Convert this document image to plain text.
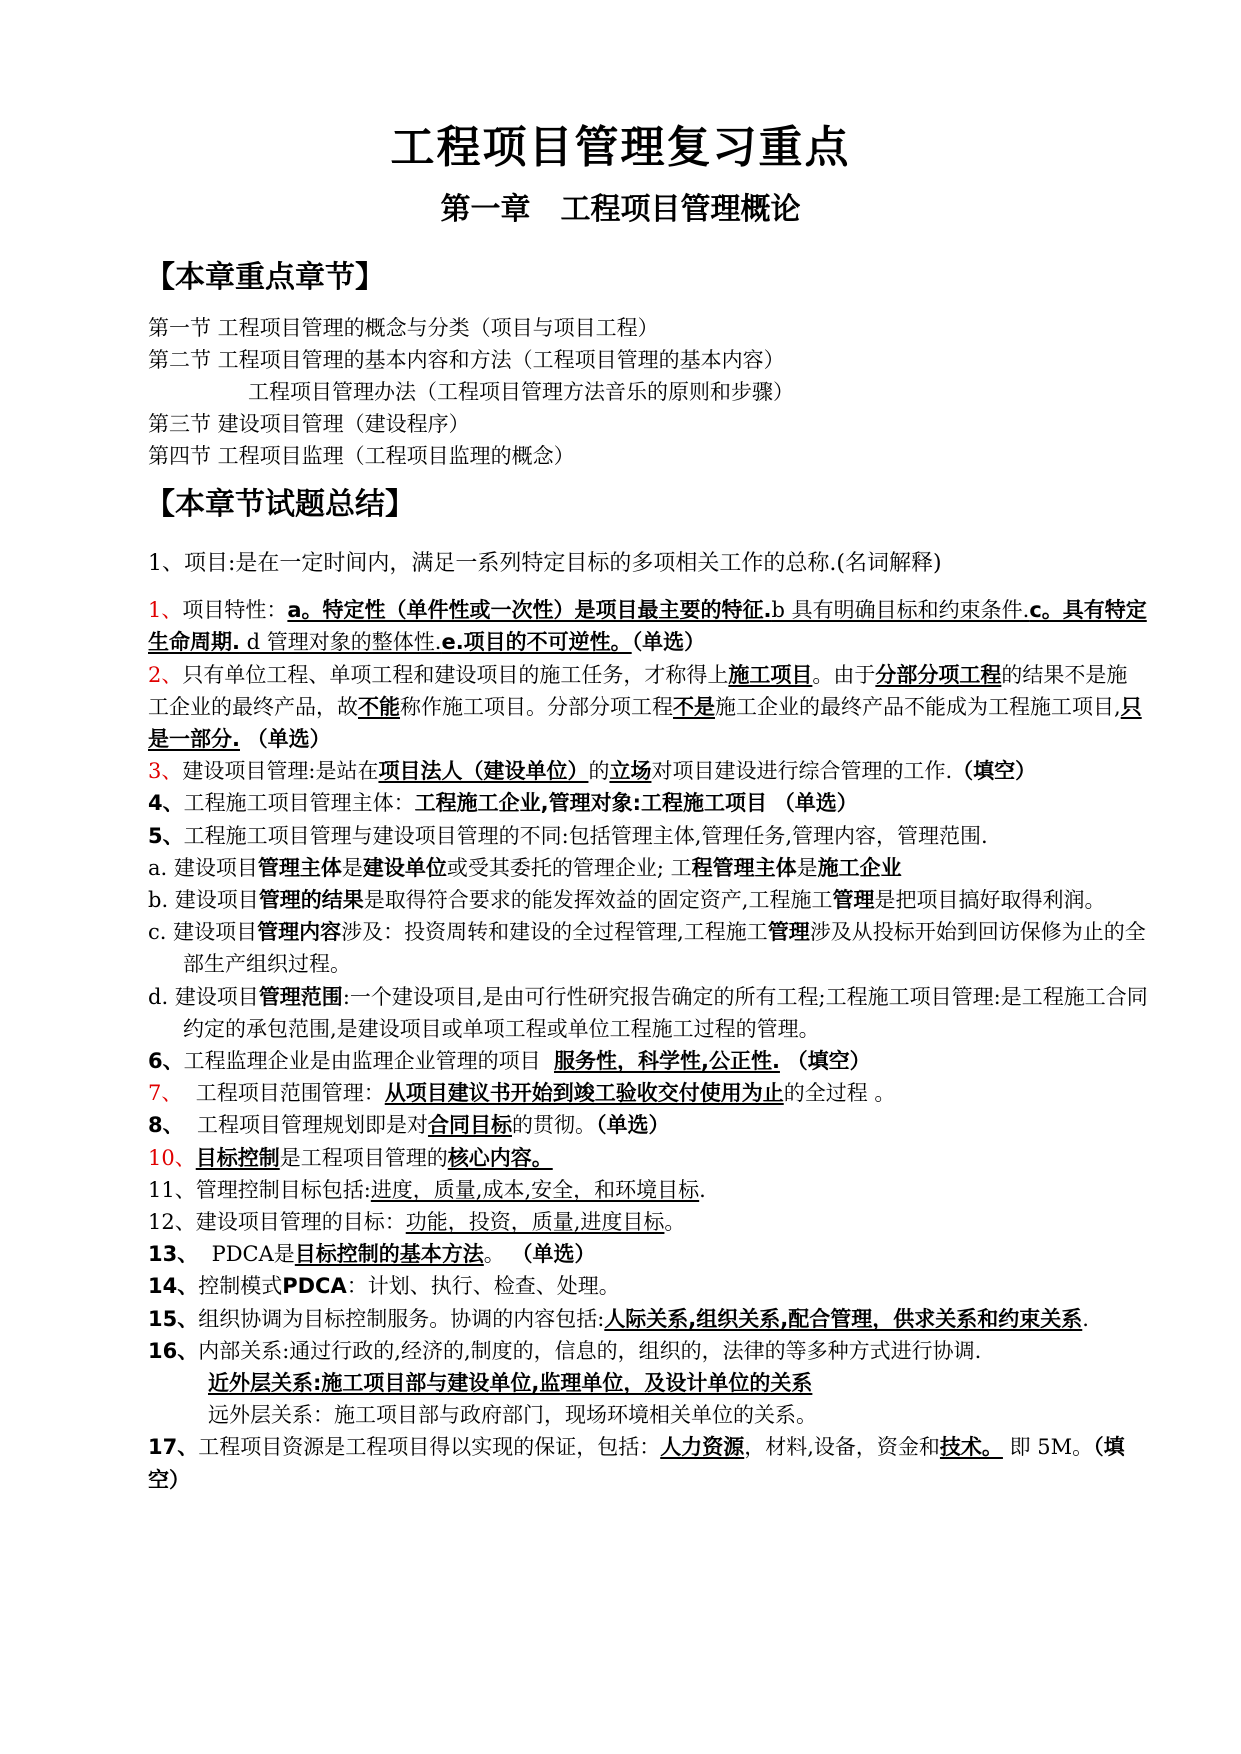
工程项目管理复习重点
第一章　工程项目管理概论
【本章重点章节】
第一节 工程项目管理的概念与分类（项目与项目工程）
第二节 工程项目管理的基本内容和方法（工程项目管理的基本内容）
工程项目管理办法（工程项目管理方法音乐的原则和步骤）
第三节 建设项目管理（建设程序）
第四节 工程项目监理（工程项目监理的概念）
【本章节试题总结】
1、项目:是在一定时间内，满足一系列特定目标的多项相关工作的总称.(名词解释)
1、项目特性：a。特定性（单件性或一次性）是项目最主要的特征.b 具有明确目标和约束条件.c。具有特定生命周期. d 管理对象的整体性.e.项目的不可逆性。（单选）
2、只有单位工程、单项工程和建设项目的施工任务，才称得上施工项目。由于分部分项工程的结果不是施工企业的最终产品，故不能称作施工项目。分部分项工程不是施工企业的最终产品不能成为工程施工项目,只是一部分. （单选）
3、建设项目管理:是站在项目法人（建设单位）的立场对项目建设进行综合管理的工作.（填空）
4、工程施工项目管理主体：工程施工企业,管理对象:工程施工项目 （单选）
5、工程施工项目管理与建设项目管理的不同:包括管理主体,管理任务,管理内容，管理范围.
a. 建设项目管理主体是建设单位或受其委托的管理企业; 工程管理主体是施工企业
b. 建设项目管理的结果是取得符合要求的能发挥效益的固定资产,工程施工管理是把项目搞好取得利润。
c. 建设项目管理内容涉及：投资周转和建设的全过程管理,工程施工管理涉及从投标开始到回访保修为止的全部生产组织过程。
d. 建设项目管理范围:一个建设项目,是由可行性研究报告确定的所有工程;工程施工项目管理:是工程施工合同约定的承包范围,是建设项目或单项工程或单位工程施工过程的管理。
6、工程监理企业是由监理企业管理的项目 服务性，科学性,公正性. （填空）
7、 工程项目范围管理：从项目建议书开始到竣工验收交付使用为止的全过程 。
8、 工程项目管理规划即是对合同目标的贯彻。（单选）
10、目标控制是工程项目管理的核心内容。
11、管理控制目标包括:进度，质量,成本,安全，和环境目标.
12、建设项目管理的目标：功能，投资，质量,进度目标。
13、 PDCA是目标控制的基本方法。 （单选）
14、控制模式PDCA：计划、执行、检查、处理。
15、组织协调为目标控制服务。协调的内容包括:人际关系,组织关系,配合管理，供求关系和约束关系.
16、内部关系:通过行政的,经济的,制度的，信息的，组织的，法律的等多种方式进行协调.
近外层关系:施工项目部与建设单位,监理单位，及设计单位的关系
远外层关系：施工项目部与政府部门，现场环境相关单位的关系。
17、工程项目资源是工程项目得以实现的保证，包括：人力资源，材料,设备，资金和技术。 即 5M。（填空）
